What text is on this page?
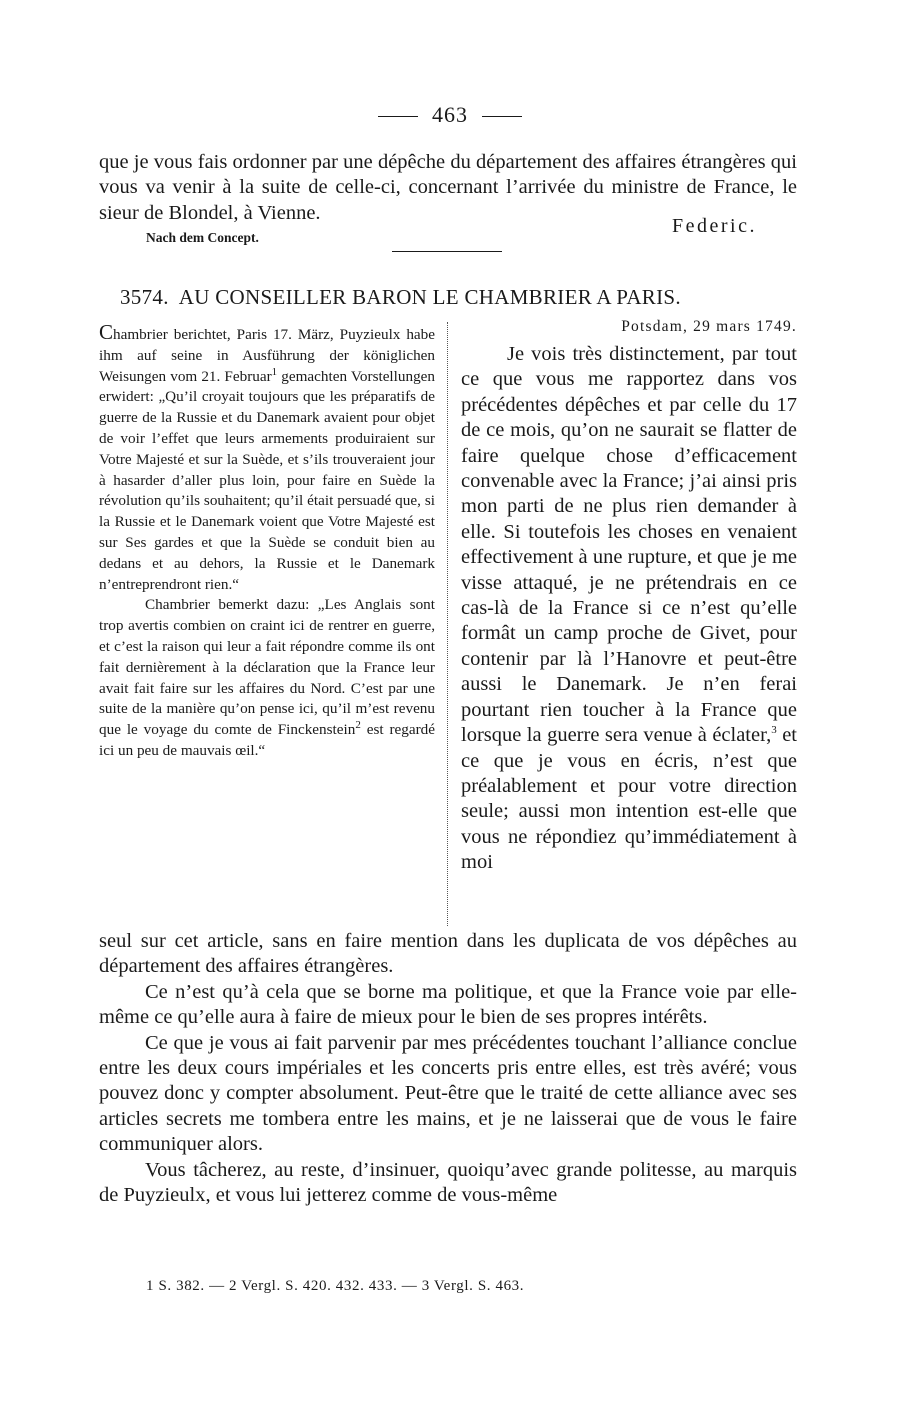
463

que je vous fais ordonner par une dépêche du département des affaires étrangères qui vous va venir à la suite de celle-ci, concernant l’arrivée du ministre de France, le sieur de Blondel, à Vienne.

Nach dem Concept.
Federic.
3574. AU CONSEILLER BARON LE CHAMBRIER A PARIS.

Chambrier berichtet, Paris 17. März, Puyzieulx habe ihm auf seine in Ausführung der königlichen Weisungen vom 21. Februar$^1$ gemachten Vorstellungen erwidert: „Qu’il croyait toujours que les préparatifs de guerre de la Russie et du Danemark avaient pour objet de voir l’effet que leurs armements produiraient sur Votre Majesté et sur la Suède, et s’ils trouveraient jour à hasarder d’aller plus loin, pour faire en Suède la révolution qu’ils souhaitent; qu’il était persuadé que, si la Russie et le Danemark voient que Votre Majesté est sur Ses gardes et que la Suède se conduit bien au dedans et au dehors, la Russie et le Danemark n’entreprendront rien.“

Chambrier bemerkt dazu: „Les Anglais sont trop avertis combien on craint ici de rentrer en guerre, et c’est la raison qui leur a fait répondre comme ils ont fait dernièrement à la déclaration que la France leur avait fait faire sur les affaires du Nord. C’est par une suite de la manière qu’on pense ici, qu’il m’est revenu que le voyage du comte de Finckenstein$^2$ est regardé ici un peu de mauvais œil.“

Potsdam, 29 mars 1749.

Je vois très distinctement, par tout ce que vous me rapportez dans vos précédentes dépêches et par celle du 17 de ce mois, qu’on ne saurait se flatter de faire quelque chose d’efficacement convenable avec la France; j’ai ainsi pris mon parti de ne plus rien demander à elle. Si toutefois les choses en venaient effectivement à une rupture, et que je me visse attaqué, je ne prétendrais en ce cas-là de la France si ce n’est qu’elle formât un camp proche de Givet, pour contenir par là l’Hanovre et peut-être aussi le Danemark. Je n’en ferai pourtant rien toucher à la France que lorsque la guerre sera venue à éclater,$^3$ et ce que je vous en écris, n’est que préalablement et pour votre direction seule; aussi mon intention est-elle que vous ne répondiez qu’immédiatement à moi

seul sur cet article, sans en faire mention dans les duplicata de vos dépêches au département des affaires étrangères.

Ce n’est qu’à cela que se borne ma politique, et que la France voie par elle-même ce qu’elle aura à faire de mieux pour le bien de ses propres intérêts.

Ce que je vous ai fait parvenir par mes précédentes touchant l’alliance conclue entre les deux cours impériales et les concerts pris entre elles, est très avéré; vous pouvez donc y compter absolument. Peut-être que le traité de cette alliance avec ses articles secrets me tombera entre les mains, et je ne laisserai que de vous le faire communiquer alors.

Vous tâcherez, au reste, d’insinuer, quoiqu’avec grande politesse, au marquis de Puyzieulx, et vous lui jetterez comme de vous-même

1 S. 382. — 2 Vergl. S. 420. 432. 433. — 3 Vergl. S. 463.
